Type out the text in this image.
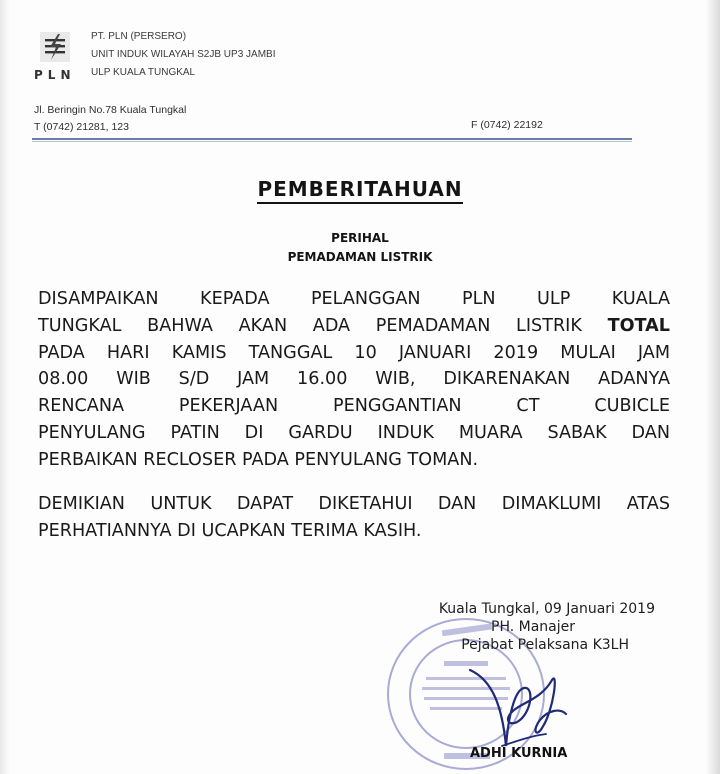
PLN
PT. PLN (PERSERO)
UNIT INDUK WILAYAH S2JB UP3 JAMBI
ULP KUALA TUNGKAL
Jl. Beringin No.78 Kuala Tungkal
T (0742) 21281, 123	F (0742) 22192
PEMBERITAHUAN
PERIHAL
PEMADAMAN LISTRIK
DISAMPAIKAN KEPADA PELANGGAN PLN ULP KUALA
TUNGKAL BAHWA AKAN ADA PEMADAMAN LISTRIK TOTAL
PADA HARI KAMIS TANGGAL 10 JANUARI 2019 MULAI JAM
08.00 WIB S/D JAM 16.00 WIB, DIKARENAKAN ADANYA
RENCANA PEKERJAAN PENGGANTIAN CT CUBICLE
PENYULANG PATIN DI GARDU INDUK MUARA SABAK DAN
PERBAIKAN RECLOSER PADA PENYULANG TOMAN.
DEMIKIAN UNTUK DAPAT DIKETAHUI DAN DIMAKLUMI ATAS
PERHATIANNYA DI UCAPKAN TERIMA KASIH.
Kuala Tungkal, 09 Januari 2019
PH. Manajer
Pejabat Pelaksana K3LH
ADHI KURNIA
